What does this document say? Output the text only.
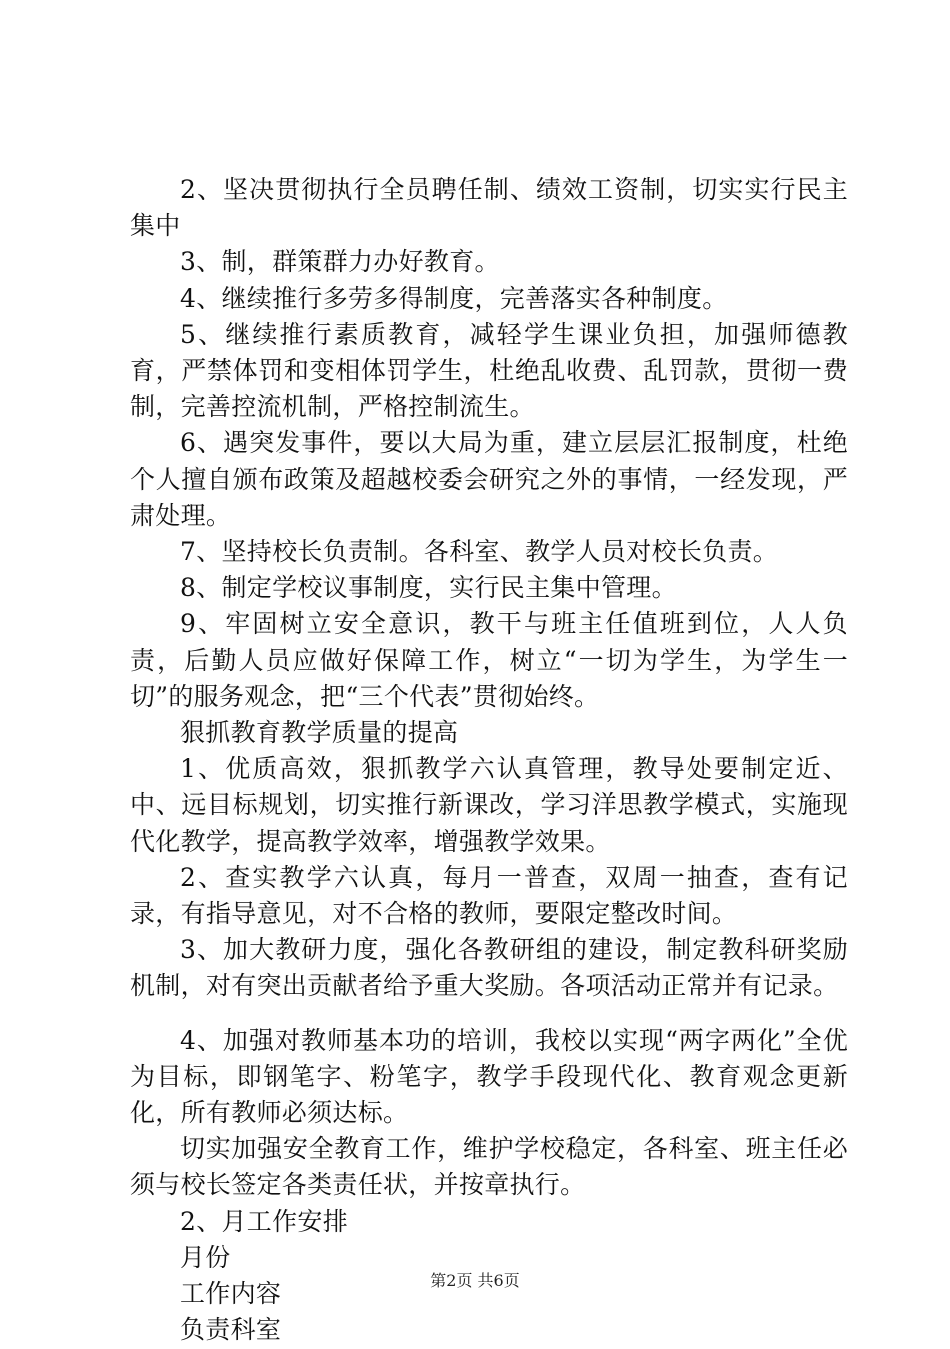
2、坚决贯彻执行全员聘任制、绩效工资制，切实实行民主集中

3、制，群策群力办好教育。

4、继续推行多劳多得制度，完善落实各种制度。

5、继续推行素质教育，减轻学生课业负担，加强师德教育，严禁体罚和变相体罚学生，杜绝乱收费、乱罚款，贯彻一费制，完善控流机制，严格控制流生。

6、遇突发事件，要以大局为重，建立层层汇报制度，杜绝个人擅自颁布政策及超越校委会研究之外的事情，一经发现，严肃处理。

7、坚持校长负责制。各科室、教学人员对校长负责。

8、制定学校议事制度，实行民主集中管理。

9、牢固树立安全意识，教干与班主任值班到位，人人负责，后勤人员应做好保障工作，树立“一切为学生，为学生一切”的服务观念，把“三个代表”贯彻始终。

狠抓教育教学质量的提高

1、优质高效，狠抓教学六认真管理，教导处要制定近、中、远目标规划，切实推行新课改，学习洋思教学模式，实施现代化教学，提高教学效率，增强教学效果。

2、查实教学六认真，每月一普查，双周一抽查，查有记录，有指导意见，对不合格的教师，要限定整改时间。

3、加大教研力度，强化各教研组的建设，制定教科研奖励机制，对有突出贡献者给予重大奖励。各项活动正常并有记录。

4、加强对教师基本功的培训，我校以实现“两字两化”全优为目标，即钢笔字、粉笔字，教学手段现代化、教育观念更新化，所有教师必须达标。

切实加强安全教育工作，维护学校稳定，各科室、班主任必须与校长签定各类责任状，并按章执行。

2、月工作安排

月份

工作内容

负责科室

第2页 共6页
